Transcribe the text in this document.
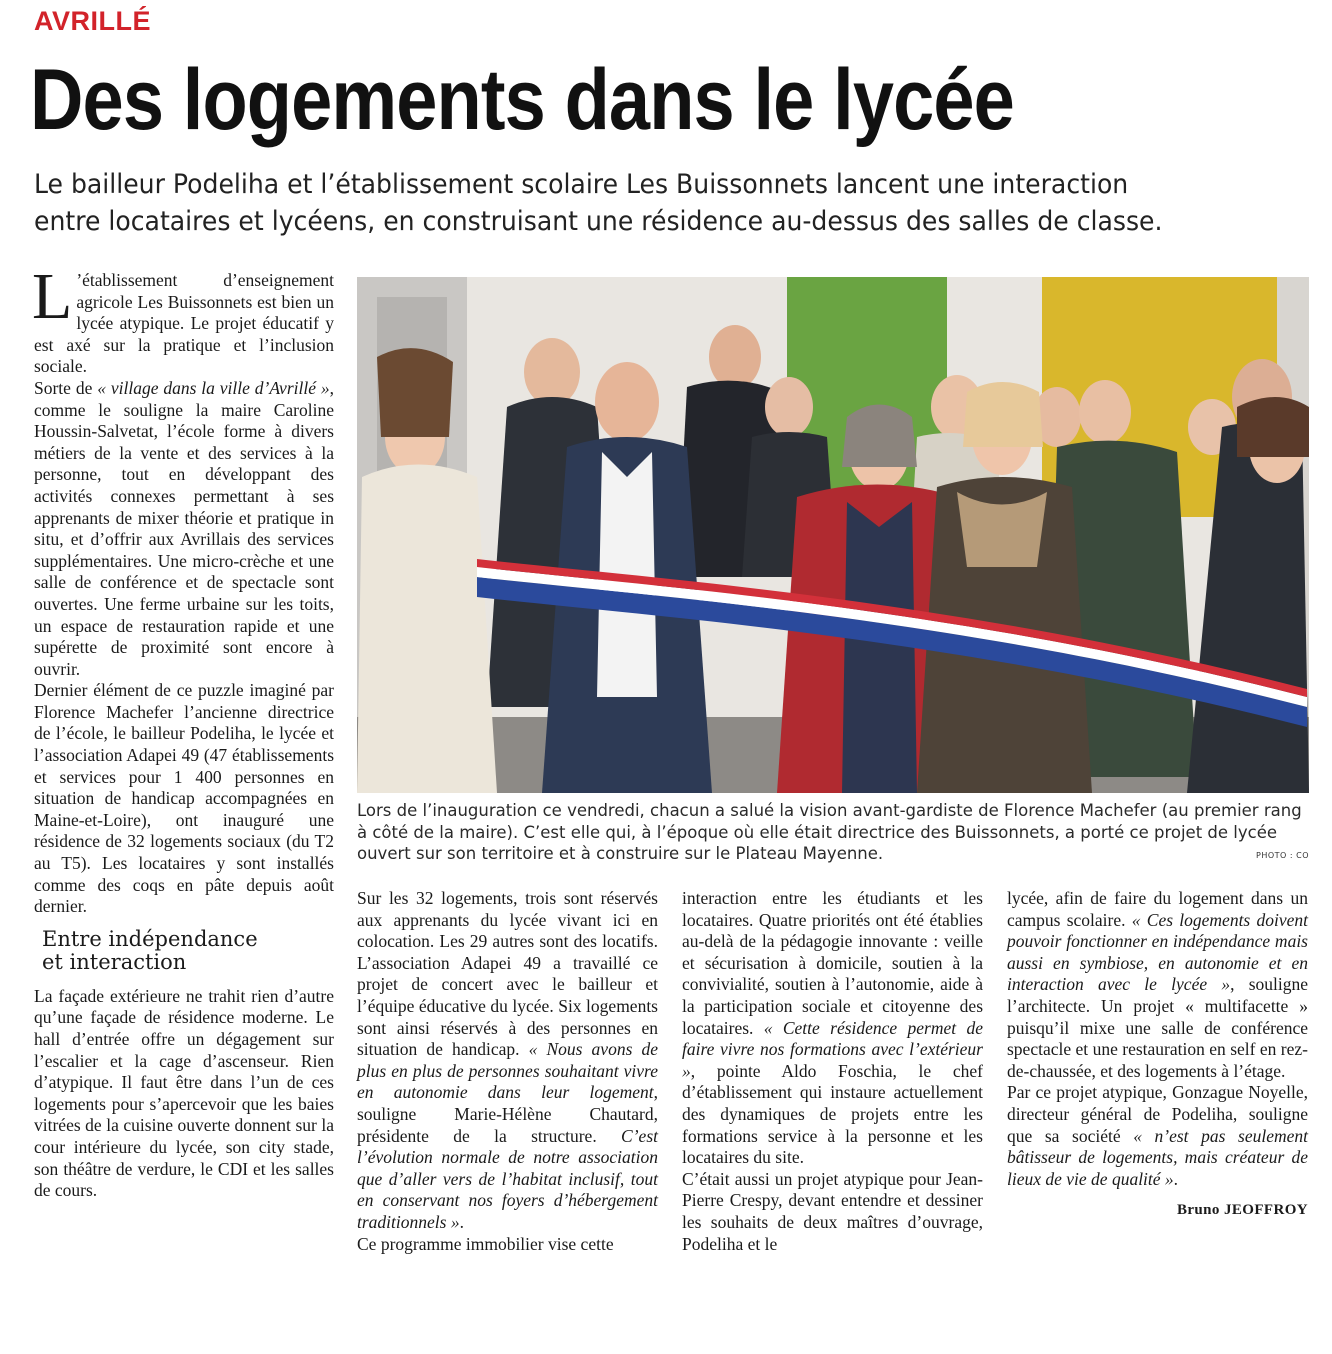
AVRILLÉ
Des logements dans le lycée
Le bailleur Podeliha et l’établissement scolaire Les Buissonnets lancent une interaction
entre locataires et lycéens, en construisant une résidence au-dessus des salles de classe.

L ’établissement d’enseignement agricole Les Buissonnets est bien un lycée atypique. Le projet éducatif y est axé sur la pratique et l’inclusion sociale.

Sorte de « village dans la ville d’Avrillé », comme le souligne la maire Caroline Houssin-Salvetat, l’école forme à divers métiers de la vente et des services à la personne, tout en développant des activités connexes permettant à ses apprenants de mixer théorie et pratique in situ, et d’offrir aux Avrillais des services supplémentaires. Une micro-crèche et une salle de conférence et de spectacle sont ouvertes. Une ferme urbaine sur les toits, un espace de restauration rapide et une supérette de proximité sont encore à ouvrir.

Dernier élément de ce puzzle imaginé par Florence Machefer l’ancienne directrice de l’école, le bailleur Podeliha, le lycée et l’association Adapei 49 (47 établissements et services pour 1 400 personnes en situation de handicap accompagnées en Maine-et-Loire), ont inauguré une résidence de 32 logements sociaux (du T2 au T5). Les locataires y sont installés comme des coqs en pâte depuis août dernier.

Entre indépendance
et interaction

La façade extérieure ne trahit rien d’autre qu’une façade de résidence moderne. Le hall d’entrée offre un dégagement sur l’escalier et la cage d’ascenseur. Rien d’atypique. Il faut être dans l’un de ces logements pour s’apercevoir que les baies vitrées de la cuisine ouverte donnent sur la cour intérieure du lycée, son city stade, son théâtre de verdure, le CDI et les salles de cours.

Lors de l’inauguration ce vendredi, chacun a salué la vision avant-gardiste de Florence Machefer (au premier rang à côté de la maire). C’est elle qui, à l’époque où elle était directrice des Buissonnets, a porté ce projet de lycée ouvert sur son territoire et à construire sur le Plateau Mayenne.	PHOTO : CO

Sur les 32 logements, trois sont réservés aux apprenants du lycée vivant ici en colocation. Les 29 autres sont des locatifs. L’association Adapei 49 a travaillé ce projet de concert avec le bailleur et l’équipe éducative du lycée. Six logements sont ainsi réservés à des personnes en situation de handicap. « Nous avons de plus en plus de personnes souhaitant vivre en autonomie dans leur logement, souligne Marie-Hélène Chautard, présidente de la structure. C’est l’évolution normale de notre association que d’aller vers de l’habitat inclusif, tout en conservant nos foyers d’hébergement traditionnels ».

Ce programme immobilier vise cette

interaction entre les étudiants et les locataires. Quatre priorités ont été établies au-delà de la pédagogie innovante : veille et sécurisation à domicile, soutien à la convivialité, soutien à l’autonomie, aide à la participation sociale et citoyenne des locataires. « Cette résidence permet de faire vivre nos formations avec l’extérieur », pointe Aldo Foschia, le chef d’établissement qui instaure actuellement des dynamiques de projets entre les formations service à la personne et les locataires du site.

C’était aussi un projet atypique pour Jean-Pierre Crespy, devant entendre et dessiner les souhaits de deux maîtres d’ouvrage, Podeliha et le

lycée, afin de faire du logement dans un campus scolaire. « Ces logements doivent pouvoir fonctionner en indépendance mais aussi en symbiose, en autonomie et en interaction avec le lycée », souligne l’architecte. Un projet « multifacette » puisqu’il mixe une salle de conférence spectacle et une restauration en self en rez-de-chaussée, et des logements à l’étage.

Par ce projet atypique, Gonzague Noyelle, directeur général de Podeliha, souligne que sa société « n’est pas seulement bâtisseur de logements, mais créateur de lieux de vie de qualité ».

Bruno JEOFFROY
